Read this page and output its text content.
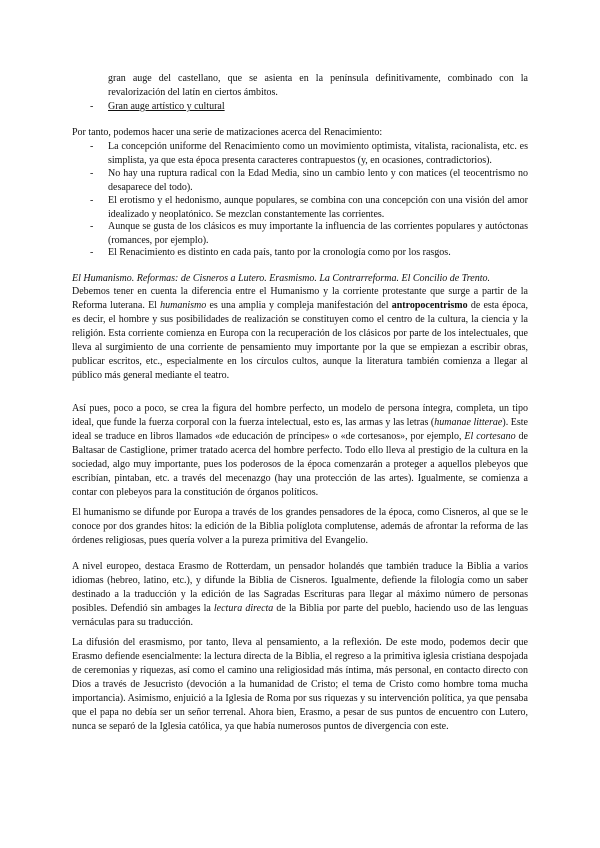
gran auge del castellano, que se asienta en la península definitivamente, combinado con la revalorización del latín en ciertos ámbitos.
-	Gran auge artístico y cultural
Por tanto, podemos hacer una serie de matizaciones acerca del Renacimiento:
-	La concepción uniforme del Renacimiento como un movimiento optimista, vitalista, racionalista, etc. es simplista, ya que esta época presenta caracteres contrapuestos (y, en ocasiones, contradictorios).
-	No hay una ruptura radical con la Edad Media, sino un cambio lento y con matices (el teocentrismo no desaparece del todo).
-	El erotismo y el hedonismo, aunque populares, se combina con una concepción con una visión del amor idealizado y neoplatónico. Se mezclan constantemente las corrientes.
-	Aunque se gusta de los clásicos es muy importante la influencia de las corrientes populares y autóctonas (romances, por ejemplo).
-	El Renacimiento es distinto en cada país, tanto por la cronología como por los rasgos.
El Humanismo. Reformas: de Cisneros a Lutero. Erasmismo. La Contrarreforma. El Concilio de Trento.
Debemos tener en cuenta la diferencia entre el Humanismo y la corriente protestante que surge a partir de la Reforma luterana. El humanismo es una amplia y compleja manifestación del antropocentrismo de esta época, es decir, el hombre y sus posibilidades de realización se constituyen como el centro de la cultura, la ciencia y la religión. Esta corriente comienza en Europa con la recuperación de los clásicos por parte de los intelectuales, que lleva al surgimiento de una corriente de pensamiento muy importante por la que se empiezan a escribir obras, publicar escritos, etc., especialmente en los círculos cultos, aunque la literatura también comienza a llegar al público más general mediante el teatro.
Así pues, poco a poco, se crea la figura del hombre perfecto, un modelo de persona íntegra, completa, un tipo ideal, que funde la fuerza corporal con la fuerza intelectual, esto es, las armas y las letras (humanae litterae). Este ideal se traduce en libros llamados «de educación de príncipes» o «de cortesanos», por ejemplo, El cortesano de Baltasar de Castiglione, primer tratado acerca del hombre perfecto. Todo ello lleva al prestigio de la cultura en la sociedad, algo muy importante, pues los poderosos de la época comenzarán a proteger a aquellos plebeyos que escribían, pintaban, etc. a través del mecenazgo (hay una protección de las artes). Igualmente, se comienza a contar con plebeyos para la constitución de órganos políticos.
El humanismo se difunde por Europa a través de los grandes pensadores de la época, como Cisneros, al que se le conoce por dos grandes hitos: la edición de la Biblia políglota complutense, además de afrontar la reforma de las órdenes religiosas, pues quería volver a la pureza primitiva del Evangelio.
A nivel europeo, destaca Erasmo de Rotterdam, un pensador holandés que también traduce la Biblia a varios idiomas (hebreo, latino, etc.), y difunde la Biblia de Cisneros. Igualmente, defiende la filología como un saber destinado a la traducción y la edición de las Sagradas Escrituras para llegar al máximo número de personas posibles. Defendió sin ambages la lectura directa de la Biblia por parte del pueblo, haciendo uso de las lenguas vernáculas para su traducción.
La difusión del erasmismo, por tanto, lleva al pensamiento, a la reflexión. De este modo, podemos decir que Erasmo defiende esencialmente: la lectura directa de la Biblia, el regreso a la primitiva iglesia cristiana despojada de ceremonias y riquezas, así como el camino una religiosidad más íntima, más personal, en contacto directo con Dios a través de Jesucristo (devoción a la humanidad de Cristo; el tema de Cristo como hombre toma mucha importancia). Asimismo, enjuició a la Iglesia de Roma por sus riquezas y su intervención política, ya que pensaba que el papa no debía ser un señor terrenal. Ahora bien, Erasmo, a pesar de sus puntos de encuentro con Lutero, nunca se separó de la Iglesia católica, ya que había numerosos puntos de divergencia con este.
